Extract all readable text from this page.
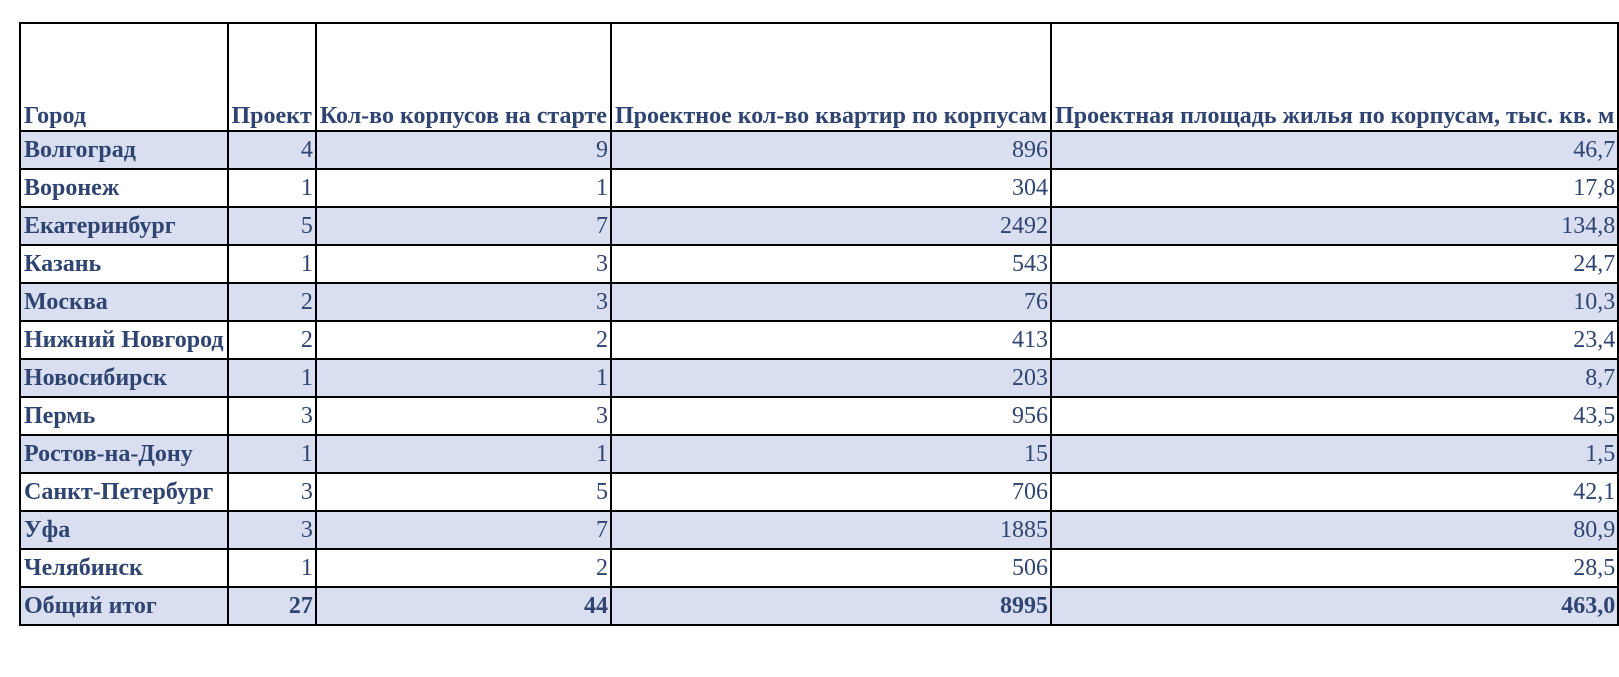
Город	Проект	Кол-во корпусов на старте	Проектное кол-во квартир по корпусам	Проектная площадь жилья по корпусам, тыс. кв. м
Волгоград	4	9	896	46,7
Воронеж	1	1	304	17,8
Екатеринбург	5	7	2492	134,8
Казань	1	3	543	24,7
Москва	2	3	76	10,3
Нижний Новгород	2	2	413	23,4
Новосибирск	1	1	203	8,7
Пермь	3	3	956	43,5
Ростов-на-Дону	1	1	15	1,5
Санкт-Петербург	3	5	706	42,1
Уфа	3	7	1885	80,9
Челябинск	1	2	506	28,5
Общий итог	27	44	8995	463,0
